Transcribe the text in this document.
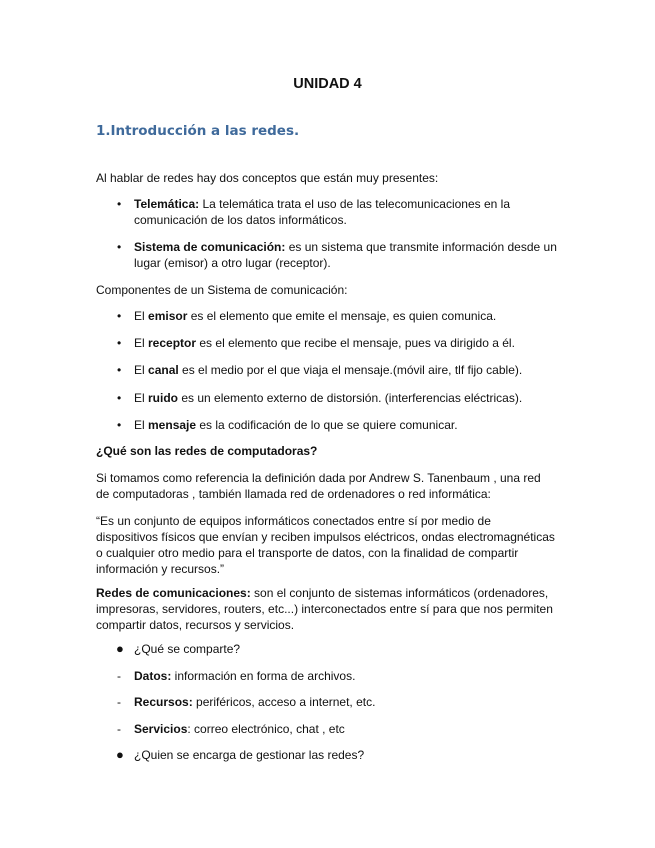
UNIDAD 4
1.Introducción a las redes.
Al hablar de redes hay dos conceptos que están muy presentes:
• Telemática: La telemática trata el uso de las telecomunicaciones en la comunicación de los datos informáticos.
• Sistema de comunicación: es un sistema que transmite información desde un lugar (emisor) a otro lugar (receptor).
Componentes de un Sistema de comunicación:
• El emisor es el elemento que emite el mensaje, es quien comunica.
• El receptor es el elemento que recibe el mensaje, pues va dirigido a él.
• El canal es el medio por el que viaja el mensaje.(móvil aire, tlf fijo cable).
• El ruido es un elemento externo de distorsión. (interferencias eléctricas).
• El mensaje es la codificación de lo que se quiere comunicar.
¿Qué son las redes de computadoras?
Si tomamos como referencia la definición dada por Andrew S. Tanenbaum , una red de computadoras , también llamada red de ordenadores o red informática:
“Es un conjunto de equipos informáticos conectados entre sí por medio de dispositivos físicos que envían y reciben impulsos eléctricos, ondas electromagnéticas o cualquier otro medio para el transporte de datos, con la finalidad de compartir información y recursos.”
Redes de comunicaciones: son el conjunto de sistemas informáticos (ordenadores, impresoras, servidores, routers, etc...) interconectados entre sí para que nos permiten compartir datos, recursos y servicios.
● ¿Qué se comparte?
- Datos: información en forma de archivos.
- Recursos: periféricos, acceso a internet, etc.
- Servicios: correo electrónico, chat , etc
● ¿Quien se encarga de gestionar las redes?
